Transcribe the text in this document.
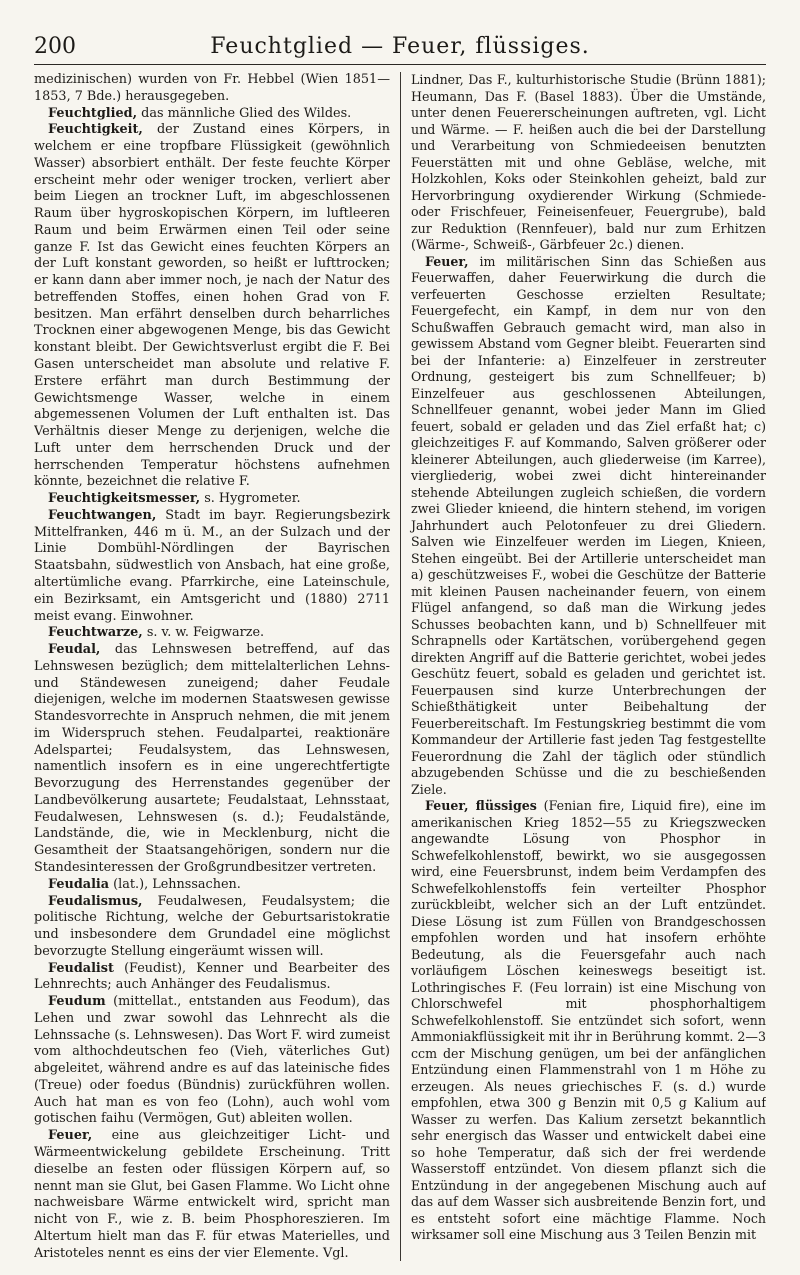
200	Feuchtglied — Feuer, flüssiges.

medizinischen) wurden von Fr. Hebbel (Wien 1851—1853, 7 Bde.) herausgegeben.

Feuchtglied, das männliche Glied des Wildes.

Feuchtigkeit, der Zustand eines Körpers, in welchem er eine tropfbare Flüssigkeit (gewöhnlich Wasser) absorbiert enthält. Der feste feuchte Körper erscheint mehr oder weniger trocken, verliert aber beim Liegen an trockner Luft, im abgeschlossenen Raum über hygroskopischen Körpern, im luftleeren Raum und beim Erwärmen einen Teil oder seine ganze F. Ist das Gewicht eines feuchten Körpers an der Luft konstant geworden, so heißt er lufttrocken; er kann dann aber immer noch, je nach der Natur des betreffenden Stoffes, einen hohen Grad von F. besitzen. Man erfährt denselben durch beharrliches Trocknen einer abgewogenen Menge, bis das Gewicht konstant bleibt. Der Gewichtsverlust ergibt die F. Bei Gasen unterscheidet man absolute und relative F. Erstere erfährt man durch Bestimmung der Gewichtsmenge Wasser, welche in einem abgemessenen Volumen der Luft enthalten ist. Das Verhältnis dieser Menge zu derjenigen, welche die Luft unter dem herrschenden Druck und der herrschenden Temperatur höchstens aufnehmen könnte, bezeichnet die relative F.

Feuchtigkeitsmesser, s. Hygrometer.

Feuchtwangen, Stadt im bayr. Regierungsbezirk Mittelfranken, 446 m ü. M., an der Sulzach und der Linie Dombühl-Nördlingen der Bayrischen Staatsbahn, südwestlich von Ansbach, hat eine große, altertümliche evang. Pfarrkirche, eine Lateinschule, ein Bezirksamt, ein Amtsgericht und (1880) 2711 meist evang. Einwohner.

Feuchtwarze, s. v. w. Feigwarze.

Feudal, das Lehnswesen betreffend, auf das Lehnswesen bezüglich; dem mittelalterlichen Lehns- und Ständewesen zuneigend; daher Feudale diejenigen, welche im modernen Staatswesen gewisse Standesvorrechte in Anspruch nehmen, die mit jenem im Widerspruch stehen. Feudalpartei, reaktionäre Adelspartei; Feudalsystem, das Lehnswesen, namentlich insofern es in eine ungerechtfertigte Bevorzugung des Herrenstandes gegenüber der Landbevölkerung ausartete; Feudalstaat, Lehnsstaat, Feudalwesen, Lehnswesen (s. d.); Feudalstände, Landstände, die, wie in Mecklenburg, nicht die Gesamtheit der Staatsangehörigen, sondern nur die Standesinteressen der Großgrundbesitzer vertreten.

Feudalia (lat.), Lehnssachen.

Feudalismus, Feudalwesen, Feudalsystem; die politische Richtung, welche der Geburtsaristokratie und insbesondere dem Grundadel eine möglichst bevorzugte Stellung eingeräumt wissen will.

Feudalist (Feudist), Kenner und Bearbeiter des Lehnrechts; auch Anhänger des Feudalismus.

Feudum (mittellat., entstanden aus Feodum), das Lehen und zwar sowohl das Lehnrecht als die Lehnssache (s. Lehnswesen). Das Wort F. wird zumeist vom althochdeutschen feo (Vieh, väterliches Gut) abgeleitet, während andre es auf das lateinische fides (Treue) oder foedus (Bündnis) zurückführen wollen. Auch hat man es von feo (Lohn), auch wohl vom gotischen faihu (Vermögen, Gut) ableiten wollen.

Feuer, eine aus gleichzeitiger Licht- und Wärmeentwickelung gebildete Erscheinung. Tritt dieselbe an festen oder flüssigen Körpern auf, so nennt man sie Glut, bei Gasen Flamme. Wo Licht ohne nachweisbare Wärme entwickelt wird, spricht man nicht von F., wie z. B. beim Phosphoreszieren. Im Altertum hielt man das F. für etwas Materielles, und Aristoteles nennt es eins der vier Elemente. Vgl.

Lindner, Das F., kulturhistorische Studie (Brünn 1881); Heumann, Das F. (Basel 1883). Über die Umstände, unter denen Feuererscheinungen auftreten, vgl. Licht und Wärme. — F. heißen auch die bei der Darstellung und Verarbeitung von Schmiedeeisen benutzten Feuerstätten mit und ohne Gebläse, welche, mit Holzkohlen, Koks oder Steinkohlen geheizt, bald zur Hervorbringung oxydierender Wirkung (Schmiede- oder Frischfeuer, Feineisenfeuer, Feuergrube), bald zur Reduktion (Rennfeuer), bald nur zum Erhitzen (Wärme-, Schweiß-, Gärbfeuer 2c.) dienen.

Feuer, im militärischen Sinn das Schießen aus Feuerwaffen, daher Feuerwirkung die durch die verfeuerten Geschosse erzielten Resultate; Feuergefecht, ein Kampf, in dem nur von den Schußwaffen Gebrauch gemacht wird, man also in gewissem Abstand vom Gegner bleibt. Feuerarten sind bei der Infanterie: a) Einzelfeuer in zerstreuter Ordnung, gesteigert bis zum Schnellfeuer; b) Einzelfeuer aus geschlossenen Abteilungen, Schnellfeuer genannt, wobei jeder Mann im Glied feuert, sobald er geladen und das Ziel erfaßt hat; c) gleichzeitiges F. auf Kommando, Salven größerer oder kleinerer Abteilungen, auch gliederweise (im Karree), viergliederig, wobei zwei dicht hintereinander stehende Abteilungen zugleich schießen, die vordern zwei Glieder knieend, die hintern stehend, im vorigen Jahrhundert auch Pelotonfeuer zu drei Gliedern. Salven wie Einzelfeuer werden im Liegen, Knieen, Stehen eingeübt. Bei der Artillerie unterscheidet man a) geschützweises F., wobei die Geschütze der Batterie mit kleinen Pausen nacheinander feuern, von einem Flügel anfangend, so daß man die Wirkung jedes Schusses beobachten kann, und b) Schnellfeuer mit Schrapnells oder Kartätschen, vorübergehend gegen direkten Angriff auf die Batterie gerichtet, wobei jedes Geschütz feuert, sobald es geladen und gerichtet ist. Feuerpausen sind kurze Unterbrechungen der Schießthätigkeit unter Beibehaltung der Feuerbereitschaft. Im Festungskrieg bestimmt die vom Kommandeur der Artillerie fast jeden Tag festgestellte Feuerordnung die Zahl der täglich oder stündlich abzugebenden Schüsse und die zu beschießenden Ziele.

Feuer, flüssiges (Fenian fire, Liquid fire), eine im amerikanischen Krieg 1852—55 zu Kriegszwecken angewandte Lösung von Phosphor in Schwefelkohlenstoff, bewirkt, wo sie ausgegossen wird, eine Feuersbrunst, indem beim Verdampfen des Schwefelkohlenstoffs fein verteilter Phosphor zurückbleibt, welcher sich an der Luft entzündet. Diese Lösung ist zum Füllen von Brandgeschossen empfohlen worden und hat insofern erhöhte Bedeutung, als die Feuersgefahr auch nach vorläufigem Löschen keineswegs beseitigt ist. Lothringisches F. (Feu lorrain) ist eine Mischung von Chlorschwefel mit phosphorhaltigem Schwefelkohlenstoff. Sie entzündet sich sofort, wenn Ammoniakflüssigkeit mit ihr in Berührung kommt. 2—3 ccm der Mischung genügen, um bei der anfänglichen Entzündung einen Flammenstrahl von 1 m Höhe zu erzeugen. Als neues griechisches F. (s. d.) wurde empfohlen, etwa 300 g Benzin mit 0,5 g Kalium auf Wasser zu werfen. Das Kalium zersetzt bekanntlich sehr energisch das Wasser und entwickelt dabei eine so hohe Temperatur, daß sich der frei werdende Wasserstoff entzündet. Von diesem pflanzt sich die Entzündung in der angegebenen Mischung auch auf das auf dem Wasser sich ausbreitende Benzin fort, und es entsteht sofort eine mächtige Flamme. Noch wirksamer soll eine Mischung aus 3 Teilen Benzin mit
